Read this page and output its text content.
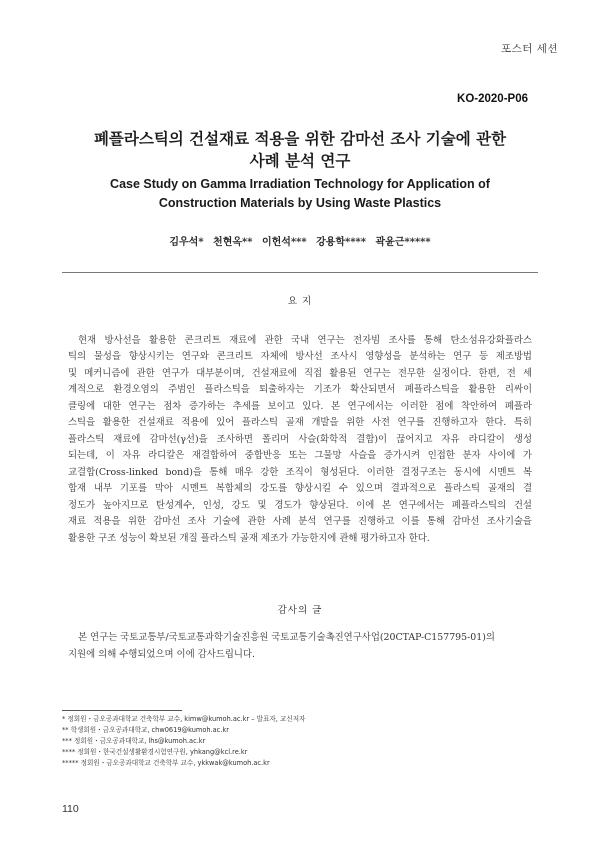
포스터 세션
KO-2020-P06
폐플라스틱의 건설재료 적용을 위한 감마선 조사 기술에 관한
사례 분석 연구
Case Study on Gamma Irradiation Technology for Application of
Construction Materials by Using Waste Plastics
김우석* 천현옥** 이헌석*** 강용학**** 곽윤근*****
요 지
현재 방사선을 활용한 콘크리트 재료에 관한 국내 연구는 전자빔 조사를 통해 탄소섬유강화플라스
틱의 물성을 향상시키는 연구와 콘크리트 자체에 방사선 조사시 영향성을 분석하는 연구 등 제조방법
및 메커니즘에 관한 연구가 대부분이며, 건설재료에 직접 활용된 연구는 전무한 실정이다. 한편, 전 세
계적으로 환경오염의 주범인 플라스틱을 퇴출하자는 기조가 확산되면서 폐플라스틱을 활용한 리싸이
클링에 대한 연구는 점차 증가하는 추세를 보이고 있다. 본 연구에서는 이러한 점에 착안하여 폐플라
스틱을 활용한 건설재료 적용에 있어 플라스틱 골재 개발을 위한 사전 연구를 진행하고자 한다. 특히
플라스틱 재료에 감마선(γ선)을 조사하면 폴리머 사슬(화학적 결합)이 끊어지고 자유 라디칼이 생성
되는데, 이 자유 라디칼은 재결합하여 중합반응 또는 그물망 사슬을 증가시켜 인접한 분자 사이에 가
교결합(Cross-linked bond)을 통해 매우 강한 조직이 형성된다. 이러한 결정구조는 동시에 시멘트 복
합재 내부 기포를 막아 시멘트 복합체의 강도를 향상시킬 수 있으며 결과적으로 플라스틱 골재의 결
정도가 높아지므로 탄성계수, 인성, 강도 및 경도가 향상된다. 이에 본 연구에서는 폐플라스틱의 건설
재료 적용을 위한 감마선 조사 기술에 관한 사례 분석 연구를 진행하고 이를 통해 감마선 조사기술을
활용한 구조 성능이 확보된 개질 플라스틱 골재 제조가 가능한지에 관해 평가하고자 한다.
감사의 글
본 연구는 국토교통부/국토교통과학기술진흥원 국토교통기술촉진연구사업(20CTAP-C157795-01)의
지원에 의해 수행되었으며 이에 감사드립니다.
* 정회원・금오공과대학교 건축학부 교수, kimw@kumoh.ac.kr – 발표자, 교신저자
** 학생회원・금오공과대학교, chw0619@kumoh.ac.kr
*** 정회원・금오공과대학교, lhs@kumoh.ac.kr
**** 정회원・한국건설생활환경시험연구원, yhkang@kcl.re.kr
***** 정회원・금오공과대학교 건축학부 교수, ykkwak@kumoh.ac.kr
110
